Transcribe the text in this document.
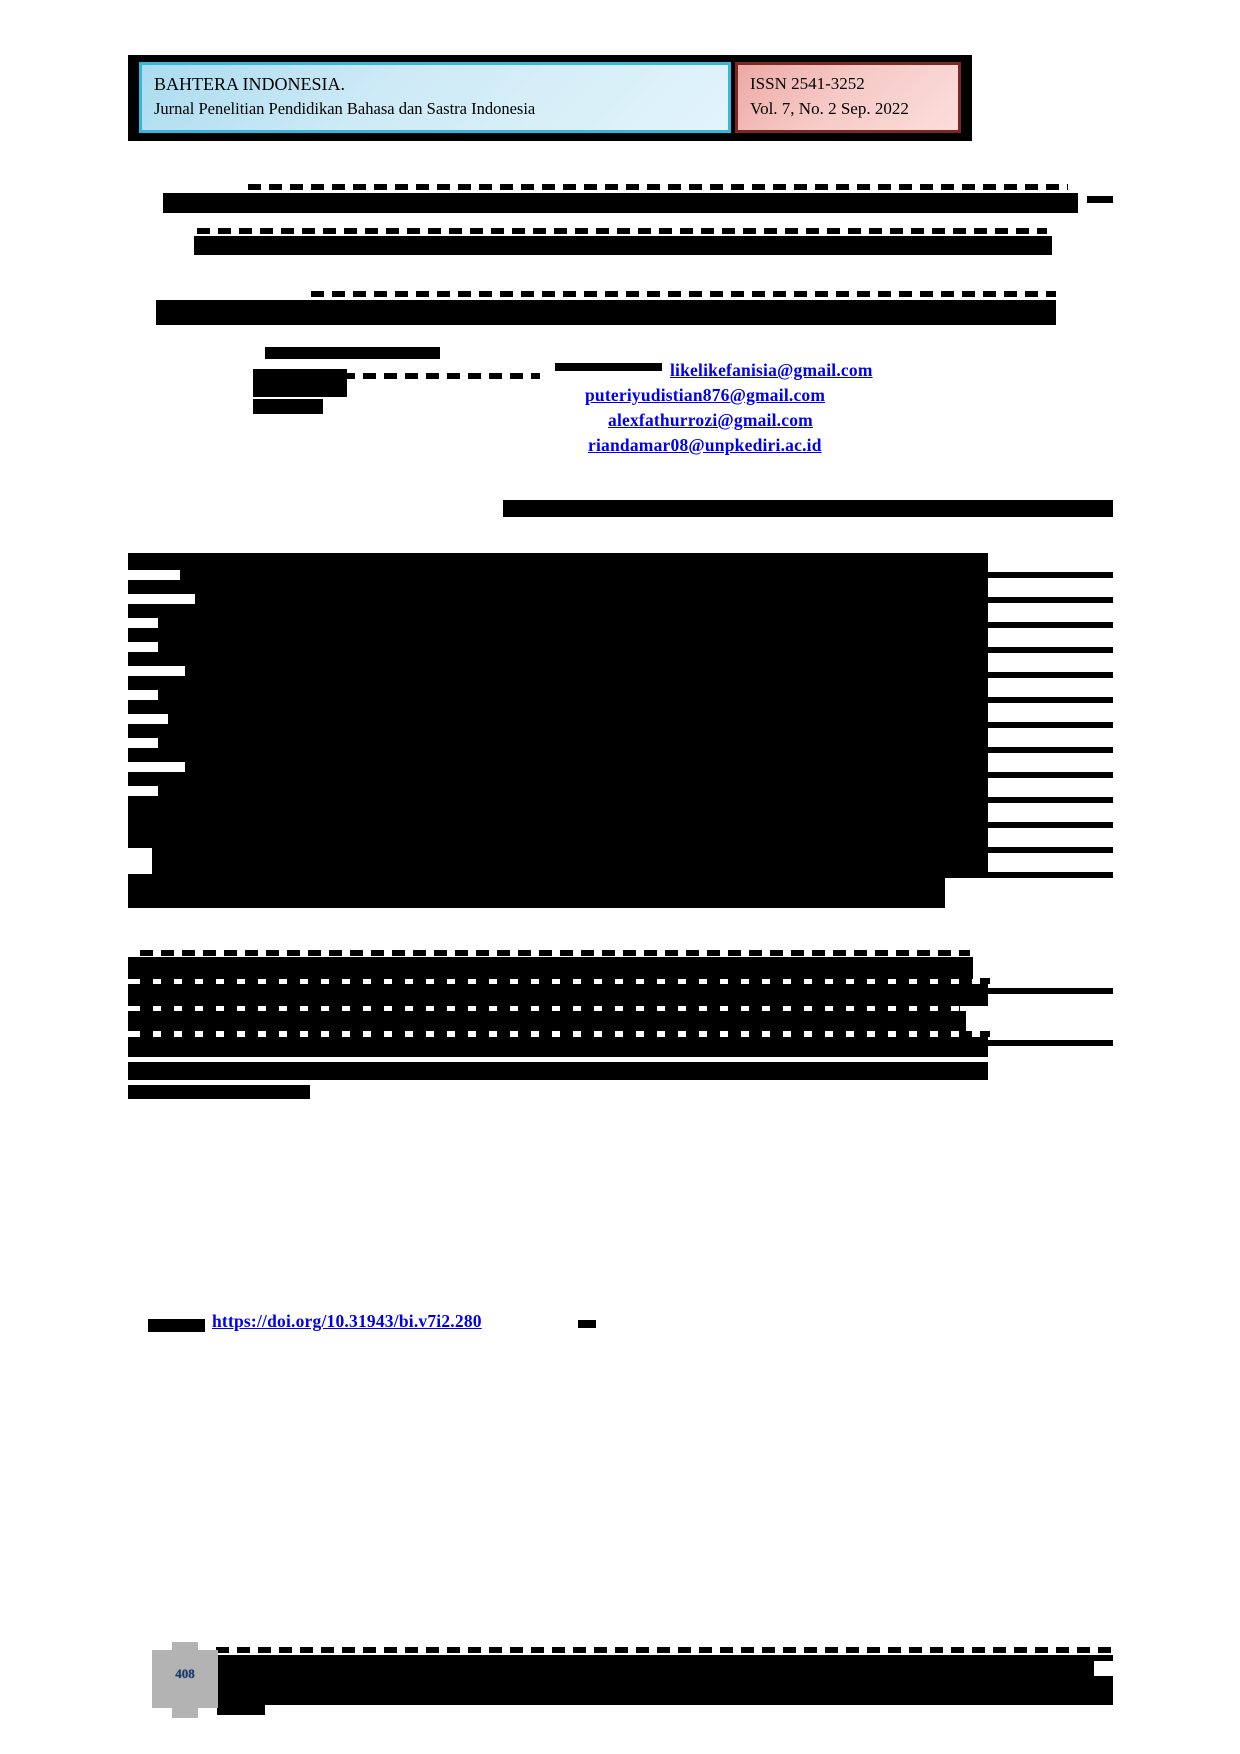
BAHTERA INDONESIA.
Jurnal Penelitian Pendidikan Bahasa dan Sastra Indonesia
ISSN 2541-3252
Vol. 7, No. 2 Sep. 2022
likelikefanisia@gmail.com
puteriyudistian876@gmail.com
alexfathurrozi@gmail.com
riandamar08@unpkediri.ac.id
https://doi.org/10.31943/bi.v7i2.280
408
